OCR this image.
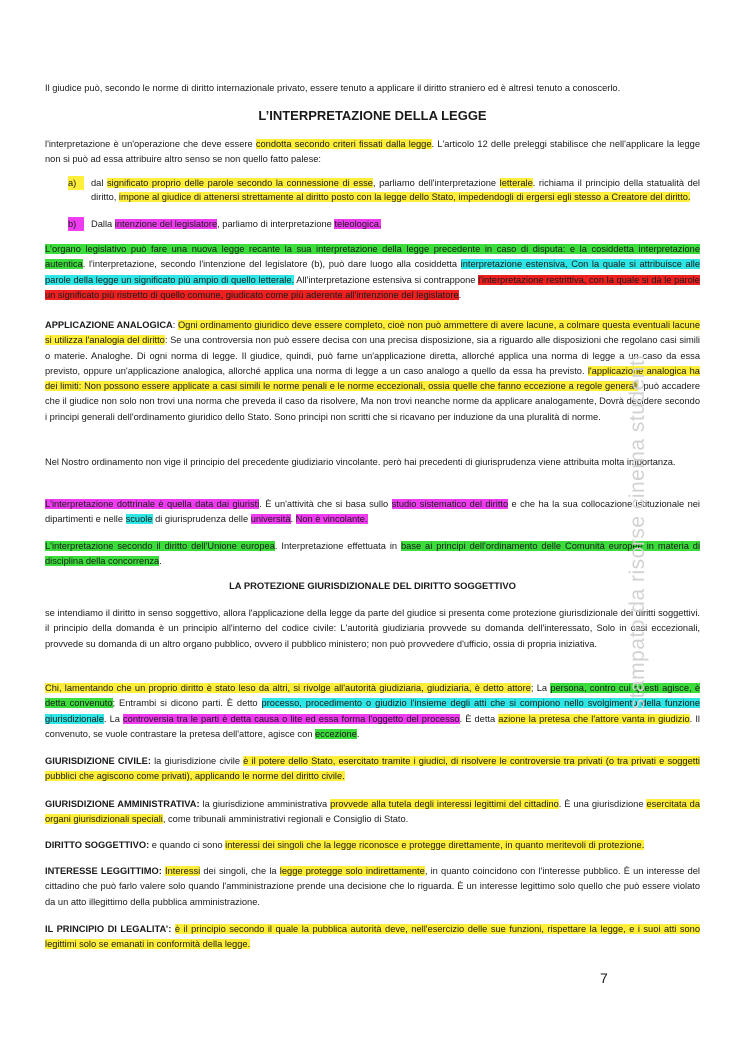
Il giudice può, secondo le norme di diritto internazionale privato, essere tenuto a applicare il diritto straniero ed è altresì tenuto a conoscerlo.

L’INTERPRETAZIONE DELLA LEGGE

l'interpretazione è un'operazione che deve essere condotta secondo criteri fissati dalla legge. L'articolo 12 delle preleggi stabilisce che nell'applicare la legge non si può ad essa attribuire altro senso se non quello fatto palese:

a)	dal significato proprio delle parole secondo la connessione di esse, parliamo dell'interpretazione letterale. richiama il principio della statualità del diritto, impone al giudice di attenersi strettamente al diritto posto con la legge dello Stato, impedendogli di ergersi egli stesso a Creatore del diritto.
b)	Dalla intenzione del legislatore, parliamo di interpretazione teleologica.

L'organo legislativo può fare una nuova legge recante la sua interpretazione della legge precedente in caso di disputa: e la cosiddetta interpretazione autentica. l'interpretazione, secondo l'intenzione del legislatore (b), può dare luogo alla cosiddetta interpretazione estensiva, Con la quale si attribuisce alle parole della legge un significato più ampio di quello letterale. All'interpretazione estensiva si contrappone l'interpretazione restrittiva, con la quale si dà le parole un significato più ristretto di quello comune, giudicato come più aderente all'intenzione del legislatore.

APPLICAZIONE ANALOGICA: Ogni ordinamento giuridico deve essere completo, cioè non può ammettere di avere lacune, a colmare questa eventuali lacune si utilizza l'analogia del diritto: Se una controversia non può essere decisa con una precisa disposizione, sia a riguardo alle disposizioni che regolano casi simili o materie. Analoghe. Di ogni norma di legge. Il giudice, quindi, può farne un'applicazione diretta, allorché applica una norma di legge a un caso da essa previsto, oppure un'applicazione analogica, allorché applica una norma di legge a un caso analogo a quello da essa ha previsto. l'applicazione analogica ha dei limiti: Non possono essere applicate a casi simili le norme penali e le norme eccezionali, ossia quelle che fanno eccezione a regole generali. può accadere che il giudice non solo non trovi una norma che preveda il caso da risolvere, Ma non trovi neanche norme da applicare analogamente, Dovrà decidere secondo i principi generali dell'ordinamento giuridico dello Stato. Sono principi non scritti che si ricavano per induzione da una pluralità di norme.

Nel Nostro ordinamento non vige il principio del precedente giudiziario vincolante. però hai precedenti di giurisprudenza viene attribuita molta importanza.

L'interpretazione dottrinale è quella data dai giuristi. È un'attività che si basa sullo studio sistematico del diritto e che ha la sua collocazione istituzionale nei dipartimenti e nelle scuole di giurisprudenza delle università. Non è vincolante.

L'interpretazione secondo il diritto dell'Unione europea. Interpretazione effettuata in base ai principi dell'ordinamento delle Comunità europee in materia di disciplina della concorrenza.

LA PROTEZIONE GIURISDIZIONALE DEL DIRITTO SOGGETTIVO

se intendiamo il diritto in senso soggettivo, allora l'applicazione della legge da parte del giudice si presenta come protezione giurisdizionale dei diritti soggettivi. il principio della domanda è un principio all'interno del codice civile: L'autorità giudiziaria provvede su domanda dell'interessato, Solo in casi eccezionali, provvede su domanda di un altro organo pubblico, ovvero il pubblico ministero; non può provvedere d'ufficio, ossia di propria iniziativa.

Chi, lamentando che un proprio diritto è stato leso da altri, si rivolge all'autorità giudiziaria, giudiziaria, è detto attore; La persona, contro cui questi agisce, è detta convenuto; Entrambi si dicono parti. È detto processo, procedimento o giudizio l'insieme degli atti che si compiono nello svolgimento della funzione giurisdizionale. La controversia tra le parti è detta causa o lite ed essa forma l'oggetto del processo. È detta azione la pretesa che l'attore vanta in giudizio. Il convenuto, se vuole contrastare la pretesa dell'attore, agisce con eccezione.

GIURISDIZIONE CIVILE: la giurisdizione civile è il potere dello Stato, esercitato tramite i giudici, di risolvere le controversie tra privati (o tra privati e soggetti pubblici che agiscono come privati), applicando le norme del diritto civile.

GIURISDIZIONE AMMINISTRATIVA: la giurisdizione amministrativa provvede alla tutela degli interessi legittimi del cittadino. È una giurisdizione esercitata da organi giurisdizionali speciali, come tribunali amministrativi regionali e Consiglio di Stato.

DIRITTO SOGGETTIVO: e quando ci sono interessi dei singoli che la legge riconosce e protegge direttamente, in quanto meritevoli di protezione.

INTERESSE LEGGITTIMO: Interessi dei singoli, che la legge protegge solo indirettamente, in quanto coincidono con l'interesse pubblico. È un interesse del cittadino che può farlo valere solo quando l'amministrazione prende una decisione che lo riguarda. È un interesse legittimo solo quello che può essere violato da un atto illegittimo della pubblica amministrazione.

IL PRINCIPIO DI LEGALITA’: è il principio secondo il quale la pubblica autorità deve, nell'esercizio delle sue funzioni, rispettare la legge, e i suoi atti sono legittimi solo se emanati in conformità della legge.

7
stampato da risorse cinema studenti
